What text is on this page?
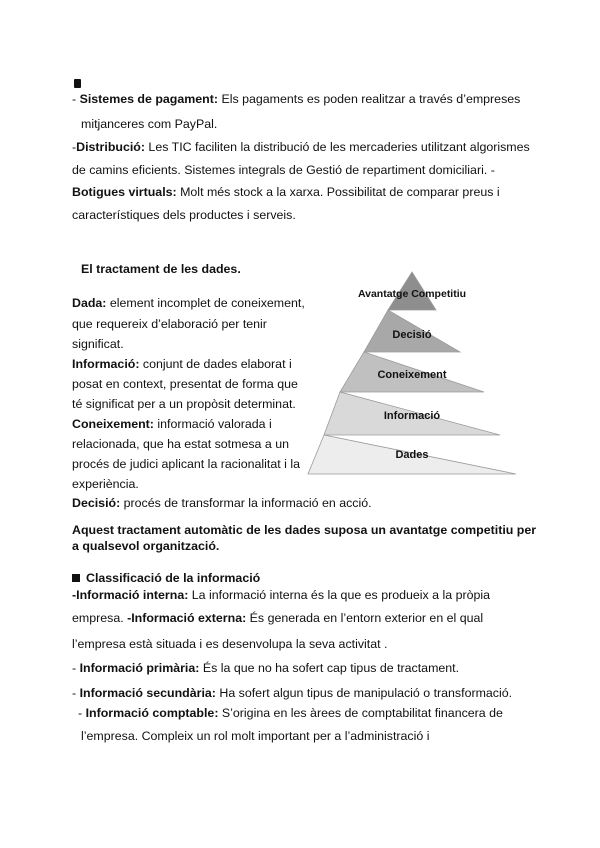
- Sistemes de pagament: Els pagaments es poden realitzar a través d’empreses
mitjanceres com PayPal.
-Distribució: Les TIC faciliten la distribució de les mercaderies utilitzant algorismes
de camins eficients. Sistemes integrals de Gestió de repartiment domiciliari. -
Botigues virtuals: Molt més stock a la xarxa. Possibilitat de comparar preus i
característiques dels productes i serveis.
El tractament de les dades.
Dada: element incomplet de coneixement,
que requereix d’elaboració per tenir
significat.
Informació: conjunt de dades elaborat i
posat en context, presentat de forma que
té significat per a un propòsit determinat.
Coneixement: informació valorada i
relacionada, que ha estat sotmesa a un
procés de judici aplicant la racionalitat i la
experiència.
Decisió: procés de transformar la informació en acció.
Aquest tractament automàtic de les dades suposa un avantatge competitiu per
a qualsevol organització.
Avantatge Competitiu
Decisió
Coneixement
Informació
Dades
Classificació de la informació
-Informació interna: La informació interna és la que es produeix a la pròpia
empresa. -Informació externa: És generada en l’entorn exterior en el qual
l’empresa està situada i es desenvolupa la seva activitat .
- Informació primària: És la que no ha sofert cap tipus de tractament.
- Informació secundària: Ha sofert algun tipus de manipulació o transformació.
- Informació comptable: S’origina en les àrees de comptabilitat financera de
l’empresa. Compleix un rol molt important per a l’administració i
